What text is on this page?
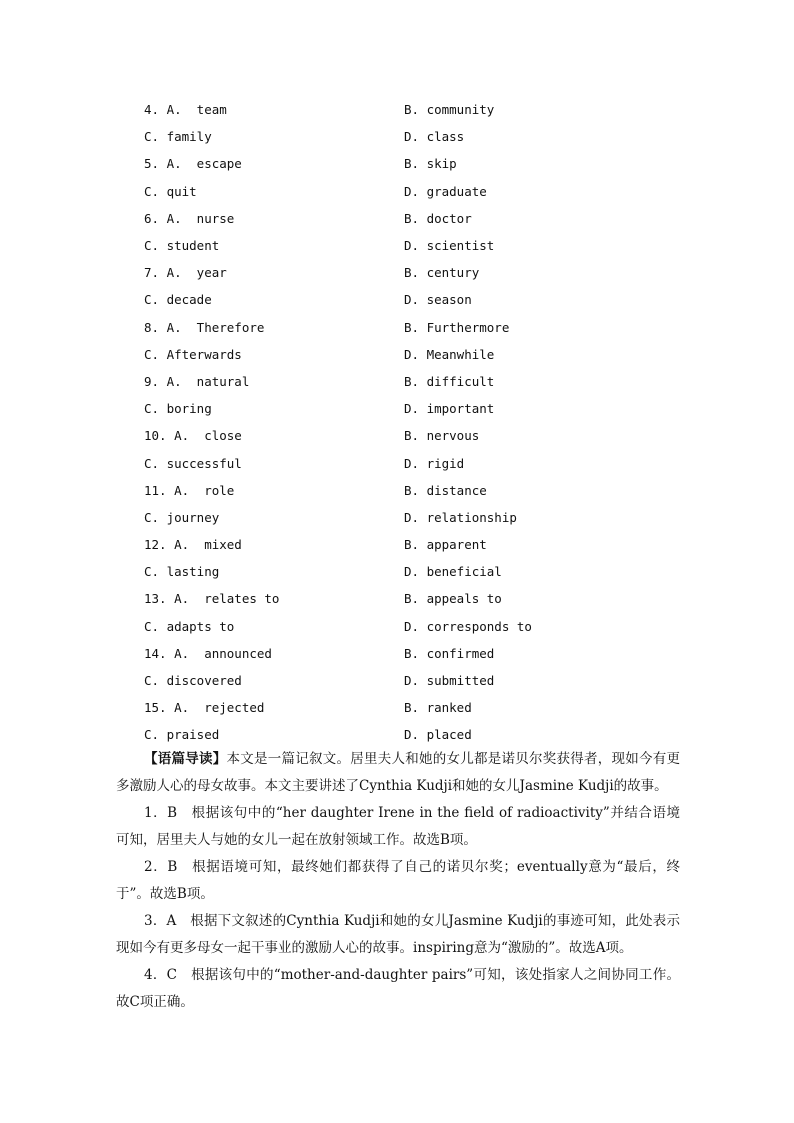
4. A.  team	B. community
C. family	D. class
5. A.  escape	B. skip
C. quit	D. graduate
6. A.  nurse	B. doctor
C. student	D. scientist
7. A.  year	B. century
C. decade	D. season
8. A.  Therefore	B. Furthermore
C. Afterwards	D. Meanwhile
9. A.  natural	B. difficult
C. boring	D. important
10. A.  close	B. nervous
C. successful	D. rigid
11. A.  role	B. distance
C. journey	D. relationship
12. A.  mixed	B. apparent
C. lasting	D. beneficial
13. A.  relates to	B. appeals to
C. adapts to	D. corresponds to
14. A.  announced	B. confirmed
C. discovered	D. submitted
15. A.  rejected	B. ranked
C. praised	D. placed

【语篇导读】本文是一篇记叙文。居里夫人和她的女儿都是诺贝尔奖获得者，现如今有更多激励人心的母女故事。本文主要讲述了Cynthia Kudji和她的女儿Jasmine Kudji的故事。

1．B　根据该句中的“her daughter Irene in the field of radioactivity”并结合语境可知，居里夫人与她的女儿一起在放射领域工作。故选B项。

2．B　根据语境可知，最终她们都获得了自己的诺贝尔奖；eventually意为“最后，终于”。故选B项。

3．A　根据下文叙述的Cynthia Kudji和她的女儿Jasmine Kudji的事迹可知，此处表示现如今有更多母女一起干事业的激励人心的故事。inspiring意为“激励的”。故选A项。

4．C　根据该句中的“mother-and-daughter pairs”可知，该处指家人之间协同工作。故C项正确。
